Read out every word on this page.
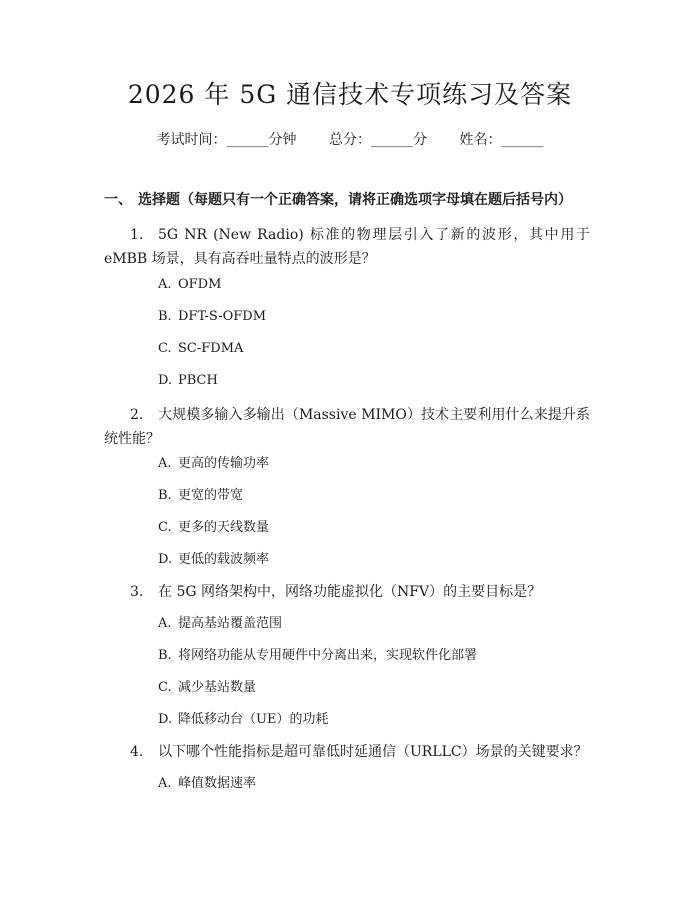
2026 年 5G 通信技术专项练习及答案
考试时间：______分钟 总分：______分 姓名：______
一、 选择题（每题只有一个正确答案，请将正确选项字母填在题后括号内）
1. 5G NR (New Radio) 标准的物理层引入了新的波形，其中用于 eMBB 场景，具有高吞吐量特点的波形是？
A. OFDM
B. DFT-S-OFDM
C. SC-FDMA
D. PBCH
2. 大规模多输入多输出（Massive MIMO）技术主要利用什么来提升系统性能？
A. 更高的传输功率
B. 更宽的带宽
C. 更多的天线数量
D. 更低的载波频率
3. 在 5G 网络架构中，网络功能虚拟化（NFV）的主要目标是？
A. 提高基站覆盖范围
B. 将网络功能从专用硬件中分离出来，实现软件化部署
C. 减少基站数量
D. 降低移动台（UE）的功耗
4. 以下哪个性能指标是超可靠低时延通信（URLLC）场景的关键要求？
A. 峰值数据速率
